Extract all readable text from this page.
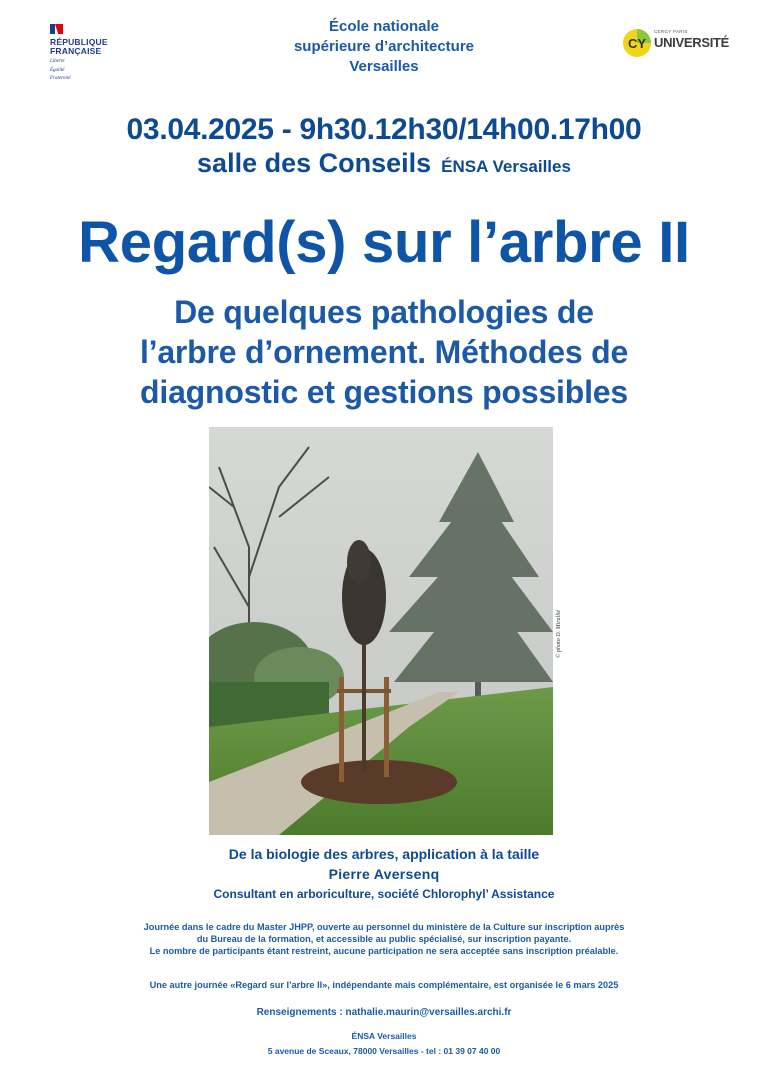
RÉPUBLIQUE
FRANÇAISE
Liberté
Égalité
Fraternité
École nationale
supérieure d’architecture
Versailles
CY
CERGY PARIS
UNIVERSITÉ
03.04.2025 - 9h30.12h30/14h00.17h00
salle des Conseils ÉNSA Versailles
Regard(s) sur l’arbre II
De quelques pathologies de
l’arbre d’ornement. Méthodes de
diagnostic et gestions possibles
© photo D. Mirallié
De la biologie des arbres, application à la taille
Pierre Aversenq
Consultant en arboriculture, société Chlorophyl’ Assistance
Journée dans le cadre du Master JHPP, ouverte au personnel du ministère de la Culture sur inscription auprès
du Bureau de la formation, et accessible au public spécialisé, sur inscription payante.
Le nombre de participants étant restreint, aucune participation ne sera acceptée sans inscription préalable.
Une autre journée «Regard sur l’arbre II», indépendante mais complémentaire, est organisée le 6 mars 2025
Renseignements : nathalie.maurin@versailles.archi.fr
ÉNSA Versailles
5 avenue de Sceaux, 78000 Versailles - tel : 01 39 07 40 00
